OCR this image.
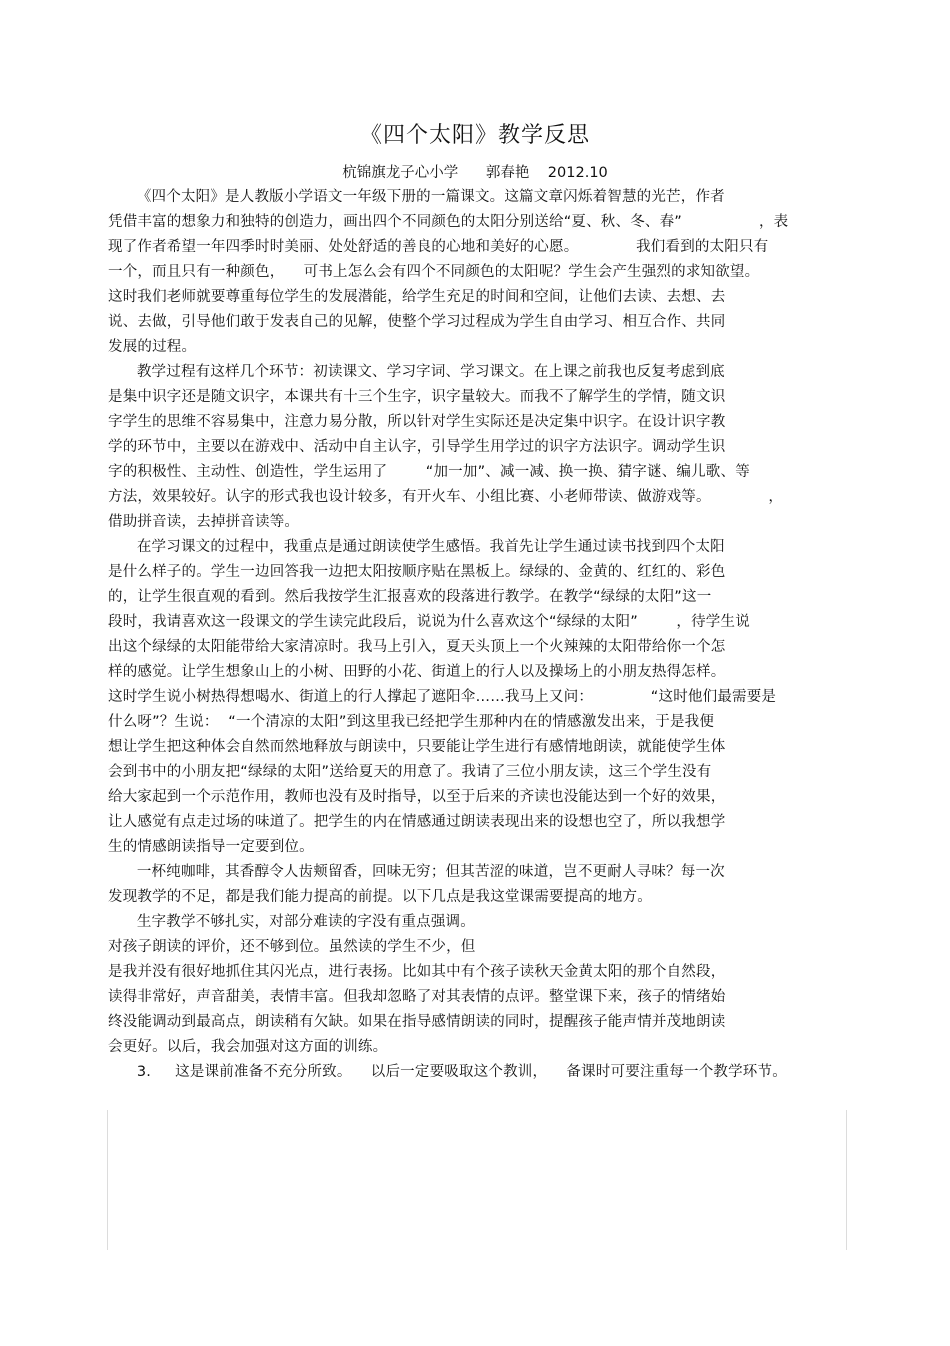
《四个太阳》教学反思
杭锦旗龙子心小学      郭春艳    2012.10
《四个太阳》是人教版小学语文一年级下册的一篇课文。这篇文章闪烁着智慧的光芒，作者
凭借丰富的想象力和独特的创造力，画出四个不同颜色的太阳分别送给“夏、秋、冬、春”                ，表
现了作者希望一年四季时时美丽、处处舒适的善良的心地和美好的心愿。            我们看到的太阳只有
一个，而且只有一种颜色，    可书上怎么会有四个不同颜色的太阳呢？学生会产生强烈的求知欲望。
这时我们老师就要尊重每位学生的发展潜能，给学生充足的时间和空间，让他们去读、去想、去
说、去做，引导他们敢于发表自己的见解，使整个学习过程成为学生自由学习、相互合作、共同
发展的过程。
教学过程有这样几个环节：初读课文、学习字词、学习课文。在上课之前我也反复考虑到底
是集中识字还是随文识字，本课共有十三个生字，识字量较大。而我不了解学生的学情，随文识
字学生的思维不容易集中，注意力易分散，所以针对学生实际还是决定集中识字。在设计识字教
学的环节中，主要以在游戏中、活动中自主认字，引导学生用学过的识字方法识字。调动学生识
字的积极性、主动性、创造性，学生运用了        “加一加”、减一减、换一换、猜字谜、编儿歌、等
方法，效果较好。认字的形式我也设计较多，有开火车、小组比赛、小老师带读、做游戏等。            ，
借助拼音读，去掉拼音读等。
在学习课文的过程中，我重点是通过朗读使学生感悟。我首先让学生通过读书找到四个太阳
是什么样子的。学生一边回答我一边把太阳按顺序贴在黑板上。绿绿的、金黄的、红红的、彩色
的，让学生很直观的看到。然后我按学生汇报喜欢的段落进行教学。在教学“绿绿的太阳”这一
段时，我请喜欢这一段课文的学生读完此段后，说说为什么喜欢这个“绿绿的太阳”        ，待学生说
出这个绿绿的太阳能带给大家清凉时。我马上引入，夏天头顶上一个火辣辣的太阳带给你一个怎
样的感觉。让学生想象山上的小树、田野的小花、街道上的行人以及操场上的小朋友热得怎样。
这时学生说小树热得想喝水、街道上的行人撑起了遮阳伞……我马上又问：            “这时他们最需要是
什么呀”？生说：  “一个清凉的太阳”到这里我已经把学生那种内在的情感激发出来，于是我便
想让学生把这种体会自然而然地释放与朗读中，只要能让学生进行有感情地朗读，就能使学生体
会到书中的小朋友把“绿绿的太阳”送给夏天的用意了。我请了三位小朋友读，这三个学生没有
给大家起到一个示范作用，教师也没有及时指导，以至于后来的齐读也没能达到一个好的效果，
让人感觉有点走过场的味道了。把学生的内在情感通过朗读表现出来的设想也空了，所以我想学
生的情感朗读指导一定要到位。
一杯纯咖啡，其香醇令人齿颊留香，回味无穷；但其苦涩的味道，岂不更耐人寻味？每一次
发现教学的不足，都是我们能力提高的前提。以下几点是我这堂课需要提高的地方。
生字教学不够扎实，对部分难读的字没有重点强调。
对孩子朗读的评价，还不够到位。虽然读的学生不少，但
是我并没有很好地抓住其闪光点，进行表扬。比如其中有个孩子读秋天金黄太阳的那个自然段，
读得非常好，声音甜美，表情丰富。但我却忽略了对其表情的点评。整堂课下来，孩子的情绪始
终没能调动到最高点，朗读稍有欠缺。如果在指导感情朗读的同时，提醒孩子能声情并茂地朗读
会更好。以后，我会加强对这方面的训练。
3.     这是课前准备不充分所致。    以后一定要吸取这个教训，    备课时可要注重每一个教学环节。
